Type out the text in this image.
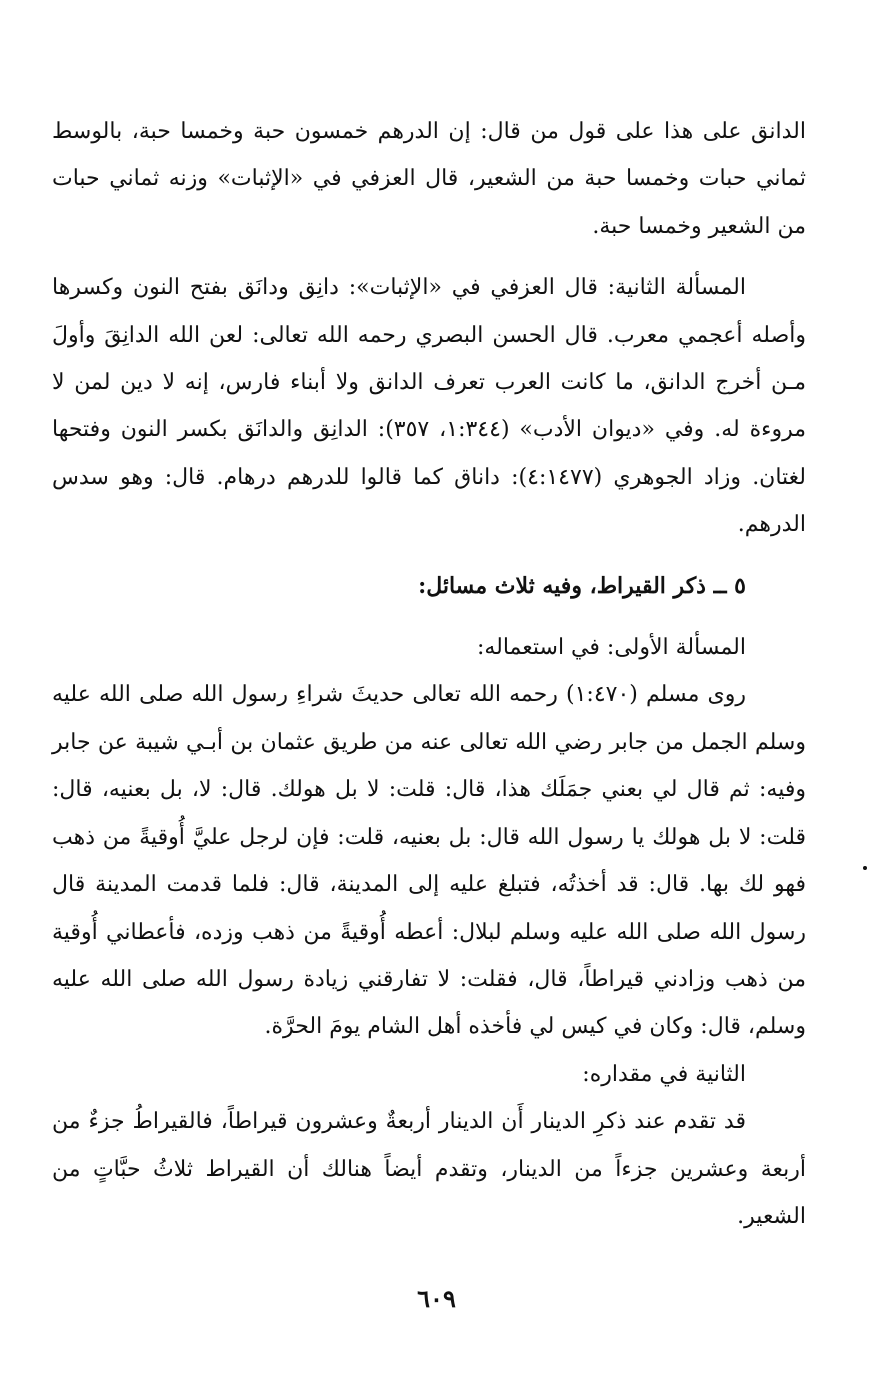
الدانق على هذا على قول من قال: إن الدرهم خمسون حبة وخمسا حبة، بالوسط ثماني حبات وخمسا حبة من الشعير، قال العزفي في «الإثبات» وزنه ثماني حبات من الشعير وخمسا حبة.

المسألة الثانية: قال العزفي في «الإثبات»: دانِق ودانَق بفتح النون وكسرها وأصله أعجمي معرب. قال الحسن البصري رحمه الله تعالى: لعن الله الدانِقَ وأولَ مـن أخرج الدانق، ما كانت العرب تعرف الدانق ولا أبناء فارس، إنه لا دين لمن لا مروءة له. وفي «ديوان الأدب» (١:٣٤٤، ٣٥٧): الدانِق والدانَق بكسر النون وفتحها لغتان. وزاد الجوهري (٤:١٤٧٧): داناق كما قالوا للدرهم درهام. قال: وهو سدس الدرهم.

٥ ــ ذكر القيراط، وفيه ثلاث مسائل:

المسألة الأولى: في استعماله:

روى مسلم (١:٤٧٠) رحمه الله تعالى حديثَ شراءِ رسول الله صلى الله عليه وسلم الجمل من جابر رضي الله تعالى عنه من طريق عثمان بن أبـي شيبة عن جابر وفيه: ثم قال لي بعني جمَلَك هذا، قال: قلت: لا بل هولك. قال: لا، بل بعنيه، قال: قلت: لا بل هولك يا رسول الله قال: بل بعنيه، قلت: فإن لرجل عليَّ أُوقيةً من ذهب فهو لك بها. قال: قد أخذتُه، فتبلغ عليه إلى المدينة، قال: فلما قدمت المدينة قال رسول الله صلى الله عليه وسلم لبلال: أعطه أُوقيةً من ذهب وزده، فأعطاني أُوقية من ذهب وزادني قيراطاً، قال، فقلت: لا تفارقني زيادة رسول الله صلى الله عليه وسلم، قال: وكان في كيس لي فأخذه أهل الشام يومَ الحرَّة.

الثانية في مقداره:

قد تقدم عند ذكرِ الدينار أَن الدينار أربعةٌ وعشرون قيراطاً، فالقيراطُ جزءٌ من أربعة وعشرين جزءاً من الدينار، وتقدم أيضاً هنالك أن القيراط ثلاثُ حبَّاتٍ من الشعير.

٦٠٩
